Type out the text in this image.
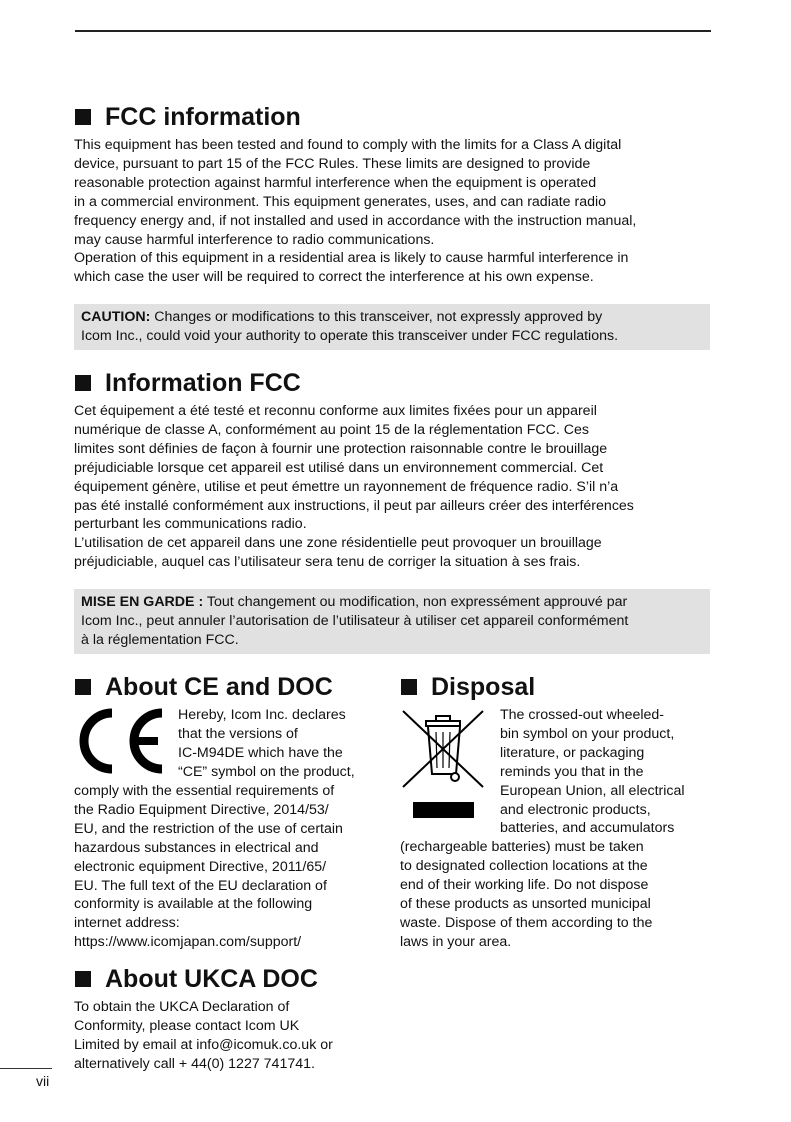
FCC information
This equipment has been tested and found to comply with the limits for a Class A digital
device, pursuant to part 15 of the FCC Rules. These limits are designed to provide
reasonable protection against harmful interference when the equipment is operated
in a commercial environment. This equipment generates, uses, and can radiate radio
frequency energy and, if not installed and used in accordance with the instruction manual,
may cause harmful interference to radio communications.
Operation of this equipment in a residential area is likely to cause harmful interference in
which case the user will be required to correct the interference at his own expense.
CAUTION: Changes or modifications to this transceiver, not expressly approved by
Icom Inc., could void your authority to operate this transceiver under FCC regulations.
Information FCC
Cet équipement a été testé et reconnu conforme aux limites fixées pour un appareil
numérique de classe A, conformément au point 15 de la réglementation FCC. Ces
limites sont définies de façon à fournir une protection raisonnable contre le brouillage
préjudiciable lorsque cet appareil est utilisé dans un environnement commercial. Cet
équipement génère, utilise et peut émettre un rayonnement de fréquence radio. S’il n’a
pas été installé conformément aux instructions, il peut par ailleurs créer des interférences
perturbant les communications radio.
L’utilisation de cet appareil dans une zone résidentielle peut provoquer un brouillage
préjudiciable, auquel cas l’utilisateur sera tenu de corriger la situation à ses frais.
MISE EN GARDE : Tout changement ou modification, non expressément approuvé par
Icom Inc., peut annuler l’autorisation de l’utilisateur à utiliser cet appareil conformément
à la réglementation FCC.
About CE and DOC
Hereby, Icom Inc. declares
that the versions of
IC-M94DE which have the
“CE” symbol on the product,
comply with the essential requirements of
the Radio Equipment Directive, 2014/53/
EU, and the restriction of the use of certain
hazardous substances in electrical and
electronic equipment Directive, 2011/65/
EU. The full text of the EU declaration of
conformity is available at the following
internet address:
https://www.icomjapan.com/support/
Disposal
The crossed-out wheeled-
bin symbol on your product,
literature, or packaging
reminds you that in the
European Union, all electrical
and electronic products,
batteries, and accumulators
(rechargeable batteries) must be taken
to designated collection locations at the
end of their working life. Do not dispose
of these products as unsorted municipal
waste. Dispose of them according to the
laws in your area.
About UKCA DOC
To obtain the UKCA Declaration of
Conformity, please contact Icom UK
Limited by email at info@icomuk.co.uk or
alternatively call + 44(0) 1227 741741.
vii
